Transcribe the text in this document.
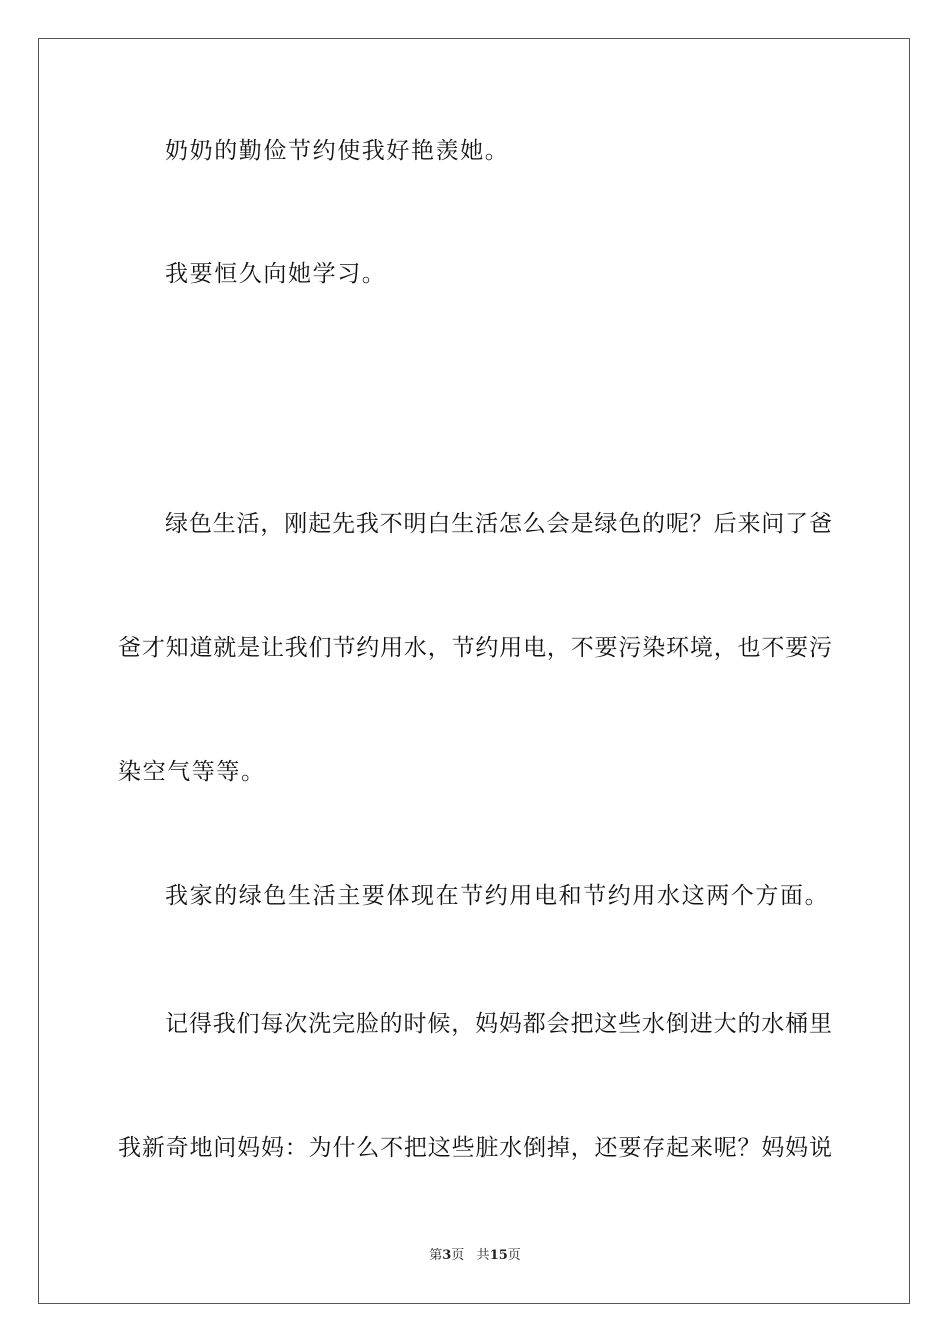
奶奶的勤俭节约使我好艳羡她。
我要恒久向她学习。
绿色生活，刚起先我不明白生活怎么会是绿色的呢？后来问了爸
爸才知道就是让我们节约用水，节约用电，不要污染环境，也不要污
染空气等等。
我家的绿色生活主要体现在节约用电和节约用水这两个方面。
记得我们每次洗完脸的时候，妈妈都会把这些水倒进大的水桶里
我新奇地问妈妈：为什么不把这些脏水倒掉，还要存起来呢？妈妈说
第3页 共15页
